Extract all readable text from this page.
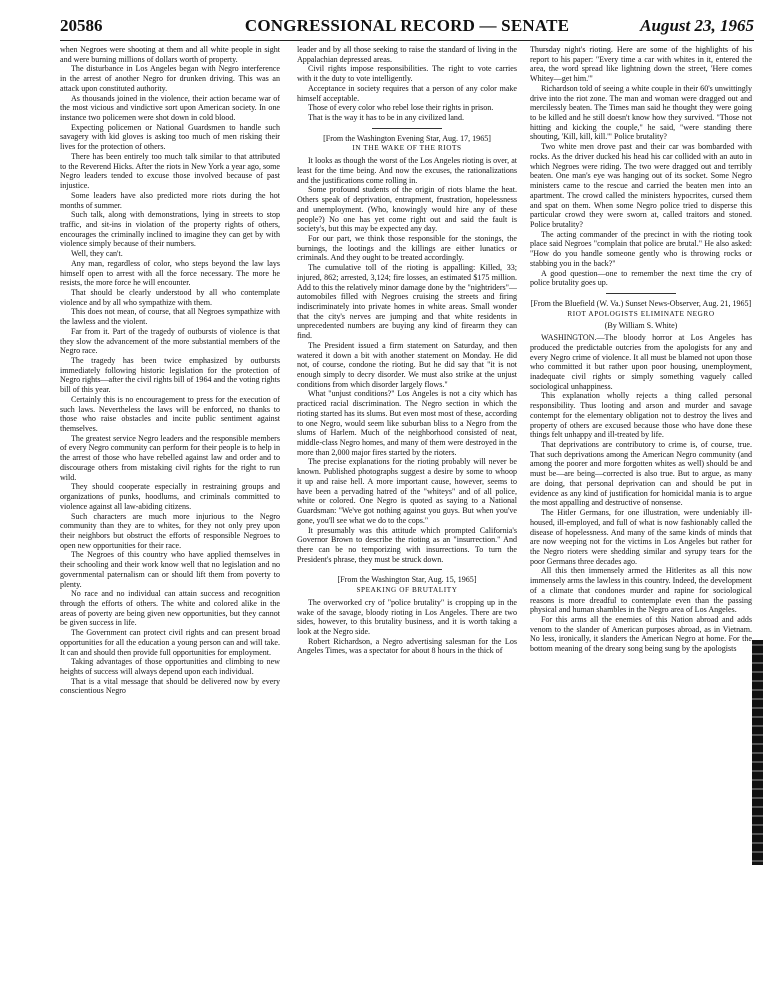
20586	CONGRESSIONAL RECORD — SENATE	August 23, 1965

when Negroes were shooting at them and all white people in sight and were burning millions of dollars worth of property.

The disturbance in Los Angeles began with Negro interference in the arrest of another Negro for drunken driving. This was an attack upon constituted authority.

As thousands joined in the violence, their action became war of the most vicious and vindictive sort upon American society. In one instance two policemen were shot down in cold blood.

Expecting policemen or National Guardsmen to handle such savagery with kid gloves is asking too much of men risking their lives for the protection of others.

There has been entirely too much talk similar to that attributed to the Reverend Hicks. After the riots in New York a year ago, some Negro leaders tended to excuse those involved because of past injustice.

Some leaders have also predicted more riots during the hot months of summer.

Such talk, along with demonstrations, lying in streets to stop traffic, and sit-ins in violation of the property rights of others, encourages the criminally inclined to imagine they can get by with violence simply because of their numbers.

Well, they can't.

Any man, regardless of color, who steps beyond the law lays himself open to arrest with all the force necessary. The more he resists, the more force he will encounter.

That should be clearly understood by all who contemplate violence and by all who sympathize with them.

This does not mean, of course, that all Negroes sympathize with the lawless and the violent.

Far from it. Part of the tragedy of outbursts of violence is that they slow the advancement of the more substantial members of the Negro race.

The tragedy has been twice emphasized by outbursts immediately following historic legislation for the protection of Negro rights—after the civil rights bill of 1964 and the voting rights bill of this year.

Certainly this is no encouragement to press for the execution of such laws. Nevertheless the laws will be enforced, no thanks to those who raise obstacles and incite public sentiment against themselves.

The greatest service Negro leaders and the responsible members of every Negro community can perform for their people is to help in the arrest of those who have rebelled against law and order and to discourage others from mistaking civil rights for the right to run wild.

They should cooperate especially in restraining groups and organizations of punks, hoodlums, and criminals committed to violence against all law-abiding citizens.

Such characters are much more injurious to the Negro community than they are to whites, for they not only prey upon their neighbors but obstruct the efforts of responsible Negroes to open new opportunities for their race.

The Negroes of this country who have applied themselves in their schooling and their work know well that no legislation and no governmental paternalism can or should lift them from poverty to plenty.

No race and no individual can attain success and recognition through the efforts of others. The white and colored alike in the areas of poverty are being given new opportunities, but they cannot be given success in life.

The Government can protect civil rights and can present broad opportunities for all the education a young person can and will take. It can and should then provide full opportunities for employment.

Taking advantages of those opportunities and climbing to new heights of success will always depend upon each individual.

That is a vital message that should be delivered now by every conscientious Negro

leader and by all those seeking to raise the standard of living in the Appalachian depressed areas.

Civil rights impose responsibilities. The right to vote carries with it the duty to vote intelligently.

Acceptance in society requires that a person of any color make himself acceptable.

Those of every color who rebel lose their rights in prison.

That is the way it has to be in any civilized land.

[From the Washington Evening Star, Aug. 17, 1965]

IN THE WAKE OF THE RIOTS

It looks as though the worst of the Los Angeles rioting is over, at least for the time being. And now the excuses, the rationalizations and the justifications come rolling in.

Some profound students of the origin of riots blame the heat. Others speak of deprivation, entrapment, frustration, hopelessness and unemployment. (Who, knowingly would hire any of these people?) No one has yet come right out and said the fault is society's, but this may be expected any day.

For our part, we think those responsible for the stonings, the burnings, the lootings and the killings are either lunatics or criminals. And they ought to be treated accordingly.

The cumulative toll of the rioting is appalling: Killed, 33; injured, 862; arrested, 3,124; fire losses, an estimated $175 million. Add to this the relatively minor damage done by the "nightriders"—automobiles filled with Negroes cruising the streets and firing indiscriminately into private homes in white areas. Small wonder that the city's nerves are jumping and that white residents in unprecedented numbers are buying any kind of firearm they can find.

The President issued a firm statement on Saturday, and then watered it down a bit with another statement on Monday. He did not, of course, condone the rioting. But he did say that "it is not enough simply to decry disorder. We must also strike at the unjust conditions from which disorder largely flows."

What "unjust conditions?" Los Angeles is not a city which has practiced racial discrimination. The Negro section in which the rioting started has its slums. But even most most of these, according to one Negro, would seem like suburban bliss to a Negro from the slums of Harlem. Much of the neighborhood consisted of neat, middle-class Negro homes, and many of them were destroyed in the more than 2,000 major fires started by the rioters.

The precise explanations for the rioting probably will never be known. Published photographs suggest a desire by some to whoop it up and raise hell. A more important cause, however, seems to have been a pervading hatred of the "whiteys" and of all police, white or colored. One Negro is quoted as saying to a National Guardsman: "We've got nothing against you guys. But when you've gone, you'll see what we do to the cops."

It presumably was this attitude which prompted California's Governor Brown to describe the rioting as an "insurrection." And there can be no temporizing with insurrections. To turn the President's phrase, they must be struck down.

[From the Washington Star, Aug. 15, 1965]

SPEAKING OF BRUTALITY

The overworked cry of "police brutality" is cropping up in the wake of the savage, bloody rioting in Los Angeles. There are two sides, however, to this brutality business, and it is worth taking a look at the Negro side.

Robert Richardson, a Negro advertising salesman for the Los Angeles Times, was a spectator for about 8 hours in the thick of

Thursday night's rioting. Here are some of the highlights of his report to his paper: "Every time a car with whites in it, entered the area, the word spread like lightning down the street, 'Here comes Whitey—get him.'"

Richardson told of seeing a white couple in their 60's unwittingly drive into the riot zone. The man and woman were dragged out and mercilessly beaten. The Times man said he thought they were going to be killed and he still doesn't know how they survived. "Those not hitting and kicking the couple," he said, "were standing there shouting, 'Kill, kill, kill.'" Police brutality?

Two white men drove past and their car was bombarded with rocks. As the driver ducked his head his car collided with an auto in which Negroes were riding. The two were dragged out and terribly beaten. One man's eye was hanging out of its socket. Some Negro ministers came to the rescue and carried the beaten men into an apartment. The crowd called the ministers hypocrites, cursed them and spat on them. When some Negro police tried to disperse this particular crowd they were sworn at, called traitors and stoned. Police brutality?

The acting commander of the precinct in with the rioting took place said Negroes "complain that police are brutal." He also asked: "How do you handle someone gently who is throwing rocks or stabbing you in the back?"

A good question—one to remember the next time the cry of police brutality goes up.

[From the Bluefield (W. Va.) Sunset News-Observer, Aug. 21, 1965]

RIOT APOLOGISTS ELIMINATE NEGRO

(By William S. White)

WASHINGTON.—The bloody horror at Los Angeles has produced the predictable outcries from the apologists for any and every Negro crime of violence. It all must be blamed not upon those who committed it but rather upon poor housing, unemployment, inadequate civil rights or simply something vaguely called sociological unhappiness.

This explanation wholly rejects a thing called personal responsibility. Thus looting and arson and murder and savage contempt for the elementary obligation not to destroy the lives and property of others are excused because those who have done these things felt unhappy and ill-treated by life.

That deprivations are contributory to crime is, of course, true. That such deprivations among the American Negro community (and among the poorer and more forgotten whites as well) should be and must be—are being—corrected is also true. But to argue, as many are doing, that personal deprivation can and should be put in evidence as any kind of justification for homicidal mania is to argue the most appalling and destructive of nonsense.

The Hitler Germans, for one illustration, were undeniably ill-housed, ill-employed, and full of what is now fashionably called the disease of hopelessness. And many of the same kinds of minds that are now weeping not for the victims in Los Angeles but rather for the Negro rioters were shedding similar and syrupy tears for the poor Germans three decades ago.

All this then immensely armed the Hitlerites as all this now immensely arms the lawless in this country. Indeed, the development of a climate that condones murder and rapine for sociological reasons is more dreadful to contemplate even than the passing physical and human shambles in the Negro area of Los Angeles.

For this arms all the enemies of this Nation abroad and adds venom to the slander of American purposes abroad, as in Vietnam. No less, ironically, it slanders the American Negro at home. For the bottom meaning of the dreary song being sung by the apologists
